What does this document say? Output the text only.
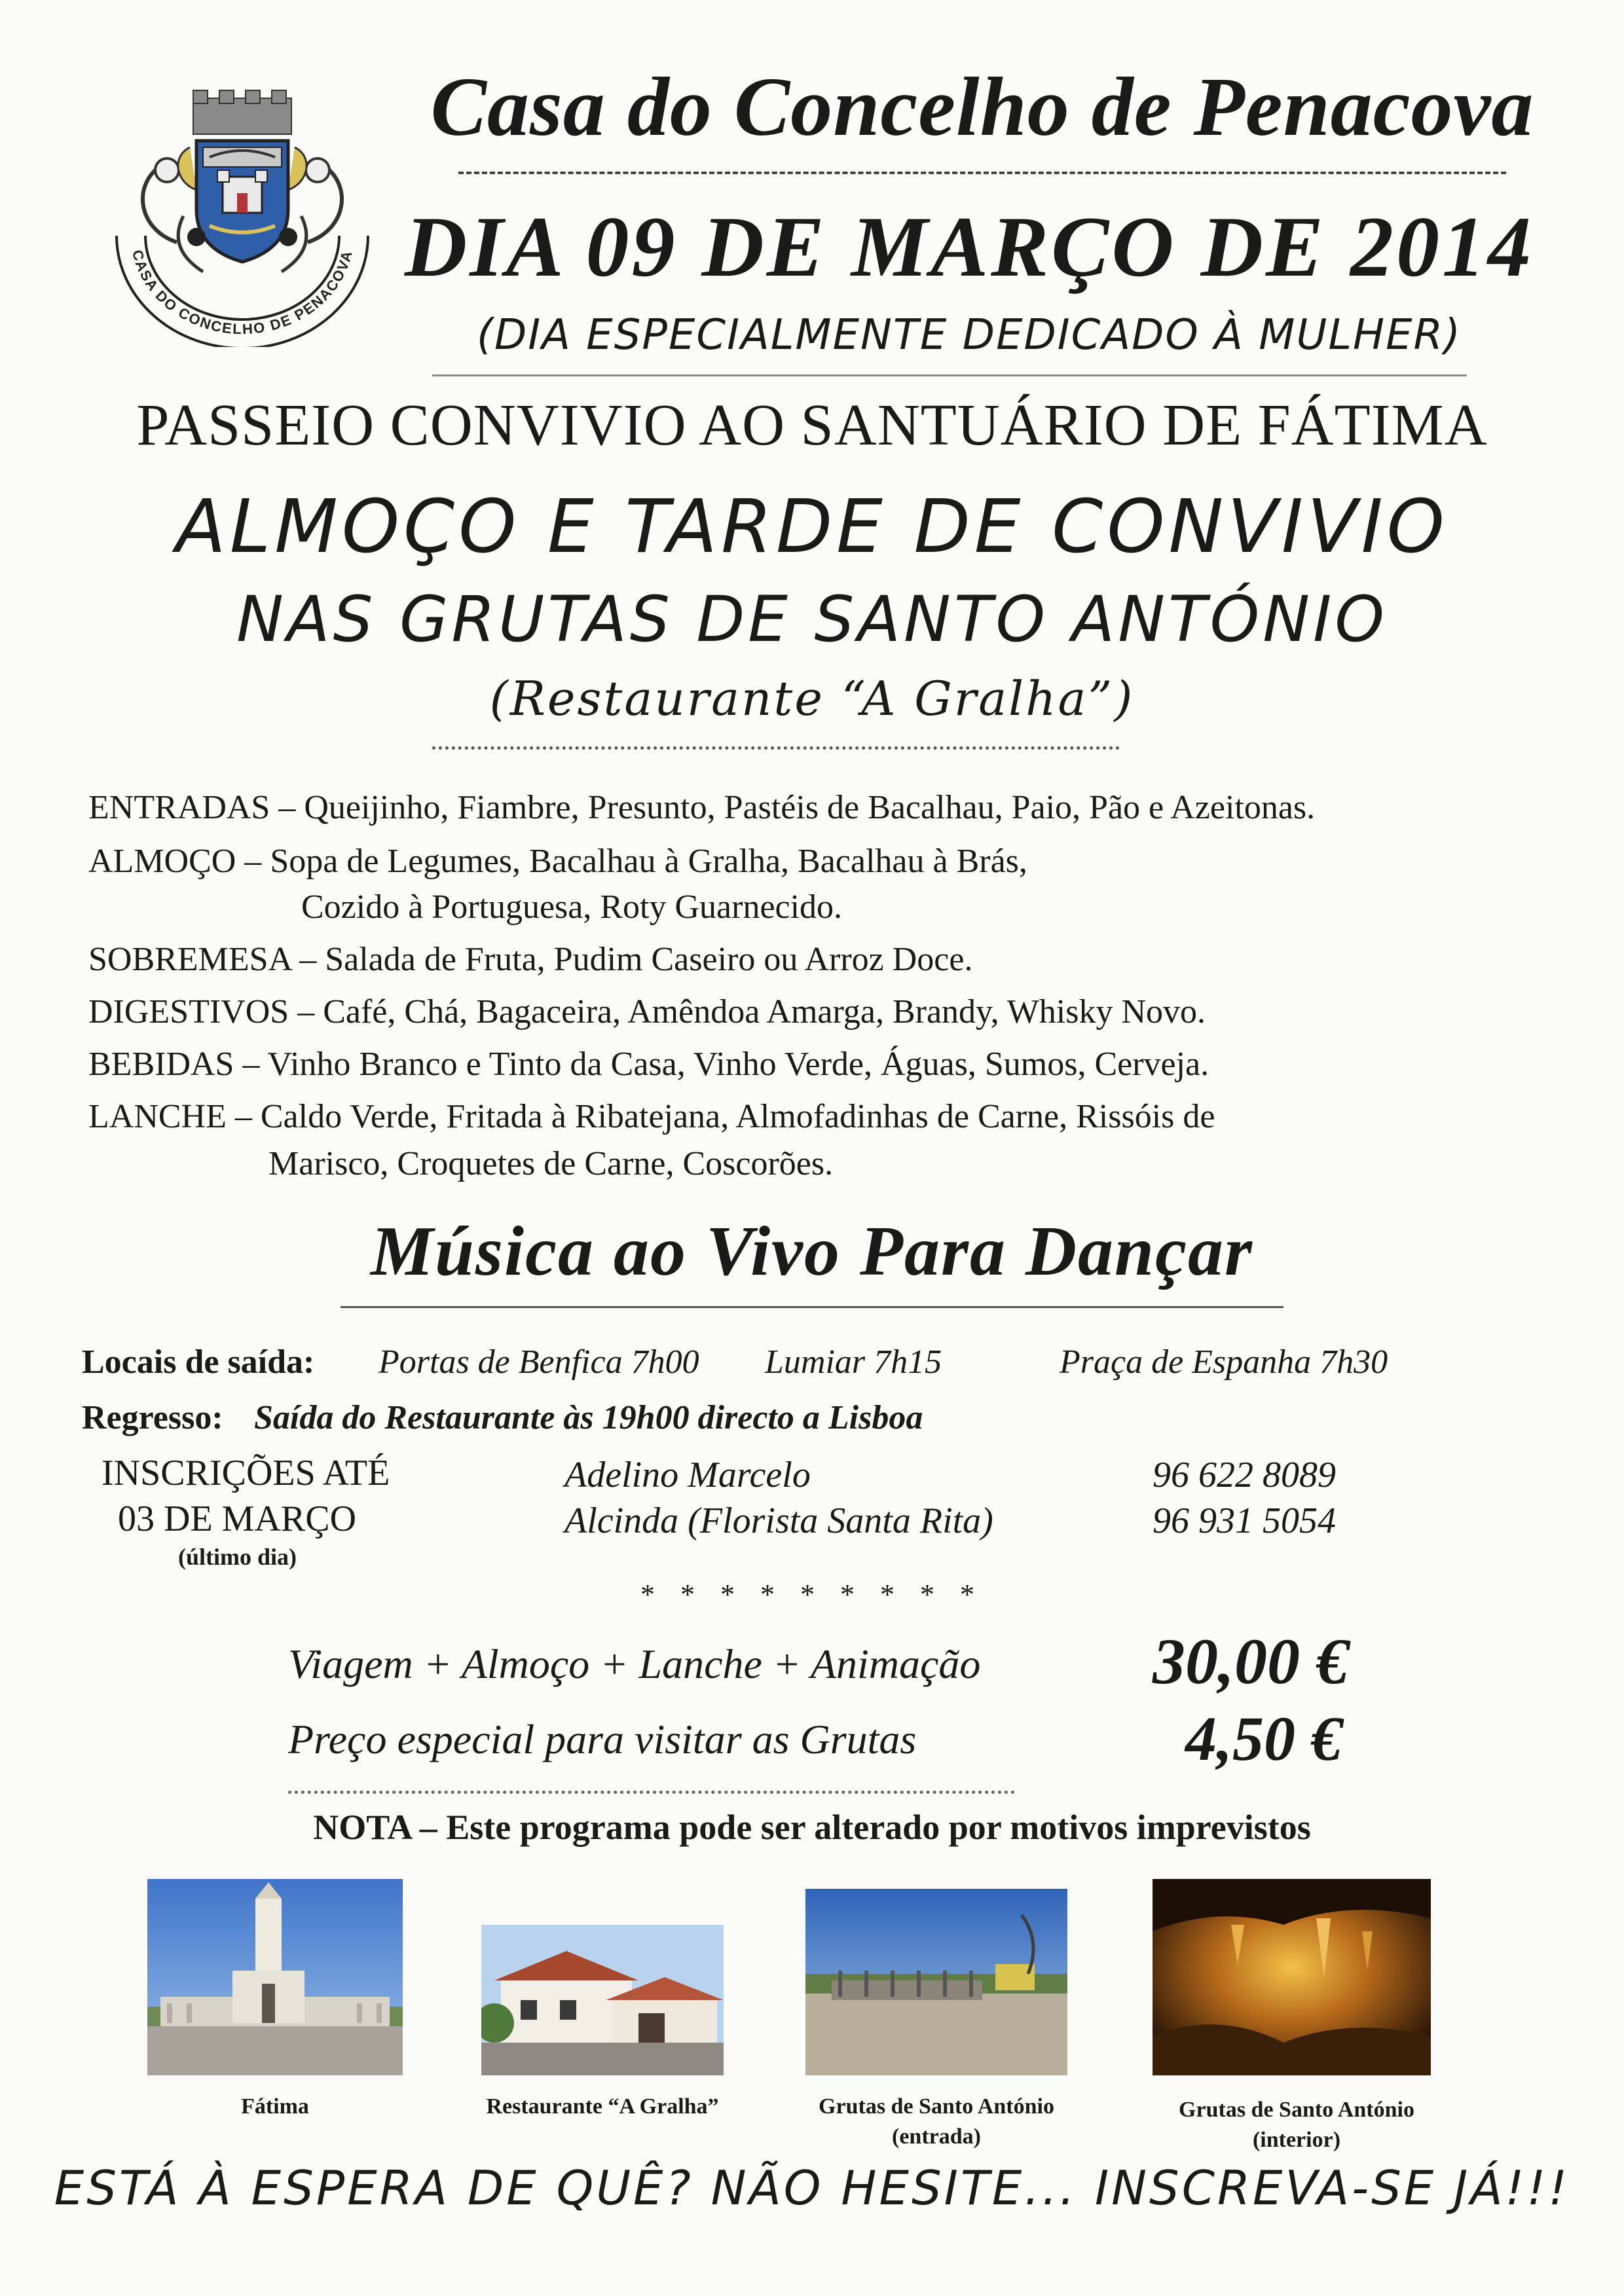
CASA DO CONCELHO DE PENACOVA
Casa do Concelho de Penacova
DIA 09 DE MARÇO DE 2014
(DIA ESPECIALMENTE DEDICADO À MULHER)
PASSEIO CONVIVIO AO SANTUÁRIO DE FÁTIMA
ALMOÇO E TARDE DE CONVIVIO
NAS GRUTAS DE SANTO ANTÓNIO
(Restaurante “A Gralha”)
ENTRADAS – Queijinho, Fiambre, Presunto, Pastéis de Bacalhau, Paio, Pão e Azeitonas.
ALMOÇO – Sopa de Legumes, Bacalhau à Gralha, Bacalhau à Brás,
Cozido à Portuguesa, Roty Guarnecido.
SOBREMESA – Salada de Fruta, Pudim Caseiro ou Arroz Doce.
DIGESTIVOS – Café, Chá, Bagaceira, Amêndoa Amarga, Brandy, Whisky Novo.
BEBIDAS – Vinho Branco e Tinto da Casa, Vinho Verde, Águas, Sumos, Cerveja.
LANCHE – Caldo Verde, Fritada à Ribatejana, Almofadinhas de Carne, Rissóis de
Marisco, Croquetes de Carne, Coscorões.
Música ao Vivo Para Dançar
Locais de saída: Portas de Benfica 7h00 Lumiar 7h15	Praça de Espanha 7h30
Regresso: Saída do Restaurante às 19h00 directo a Lisboa
INSCRIÇÕES ATÉ
03 DE MARÇO
(último dia)
Adelino Marcelo	96 622 8089
Alcinda (Florista Santa Rita)	96 931 5054
* * * * * * * * *
Viagem + Almoço + Lanche + Animação	30,00 €
Preço especial para visitar as Grutas	4,50 €
NOTA – Este programa pode ser alterado por motivos imprevistos
Fátima	Restaurante “A Gralha”	Grutas de Santo António
(entrada)
Grutas de Santo António
(interior)
ESTÁ À ESPERA DE QUÊ? NÃO HESITE... INSCREVA-SE JÁ!!!
